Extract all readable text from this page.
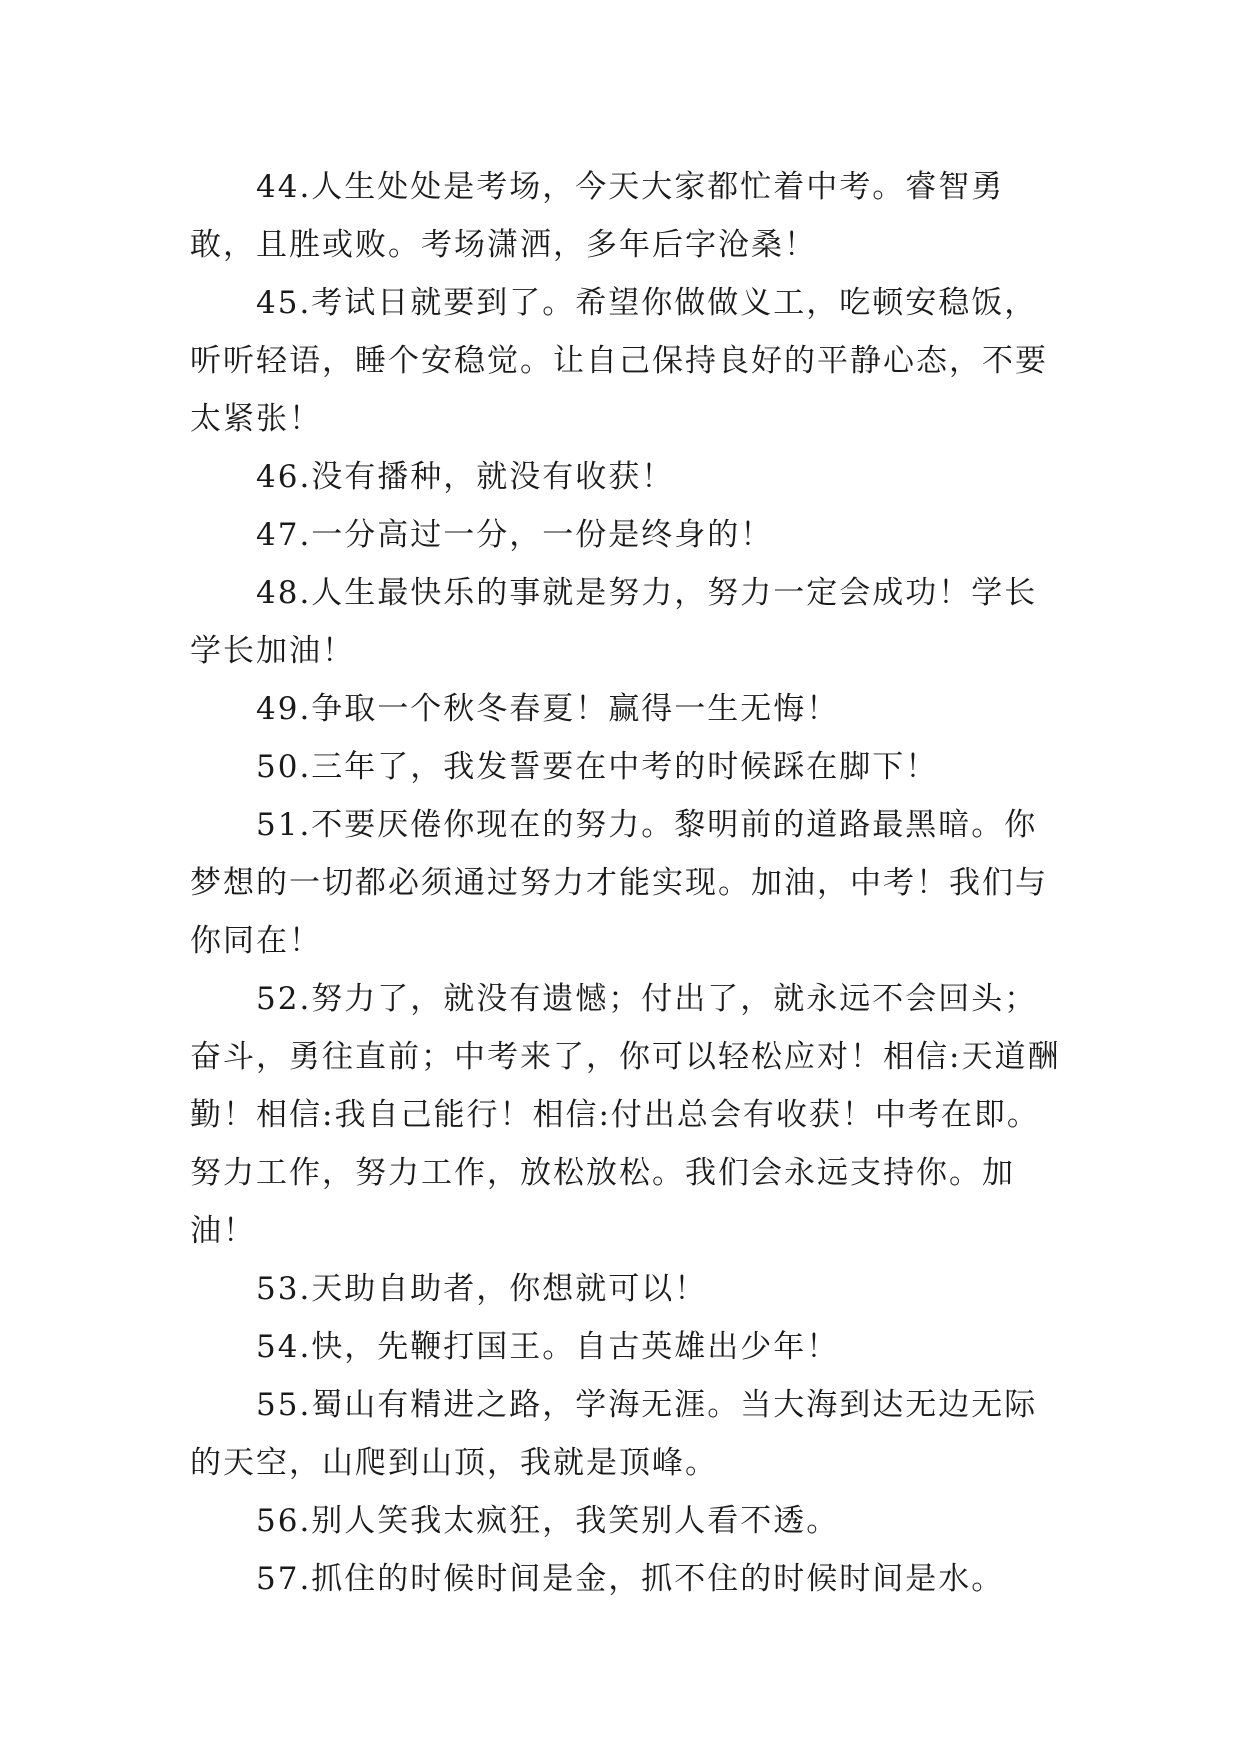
44.人生处处是考场，今天大家都忙着中考。睿智勇敢，且胜或败。考场潇洒，多年后字沧桑！

45.考试日就要到了。希望你做做义工，吃顿安稳饭，听听轻语，睡个安稳觉。让自己保持良好的平静心态，不要太紧张！

46.没有播种，就没有收获！

47.一分高过一分，一份是终身的！

48.人生最快乐的事就是努力，努力一定会成功！学长学长加油！

49.争取一个秋冬春夏！赢得一生无悔！

50.三年了，我发誓要在中考的时候踩在脚下！

51.不要厌倦你现在的努力。黎明前的道路最黑暗。你梦想的一切都必须通过努力才能实现。加油，中考！我们与你同在！

52.努力了，就没有遗憾；付出了，就永远不会回头；奋斗，勇往直前；中考来了，你可以轻松应对！相信:天道酬勤！相信:我自己能行！相信:付出总会有收获！中考在即。努力工作，努力工作，放松放松。我们会永远支持你。加油！

53.天助自助者，你想就可以！

54.快，先鞭打国王。自古英雄出少年！

55.蜀山有精进之路，学海无涯。当大海到达无边无际的天空，山爬到山顶，我就是顶峰。

56.别人笑我太疯狂，我笑别人看不透。

57.抓住的时候时间是金，抓不住的时候时间是水。
